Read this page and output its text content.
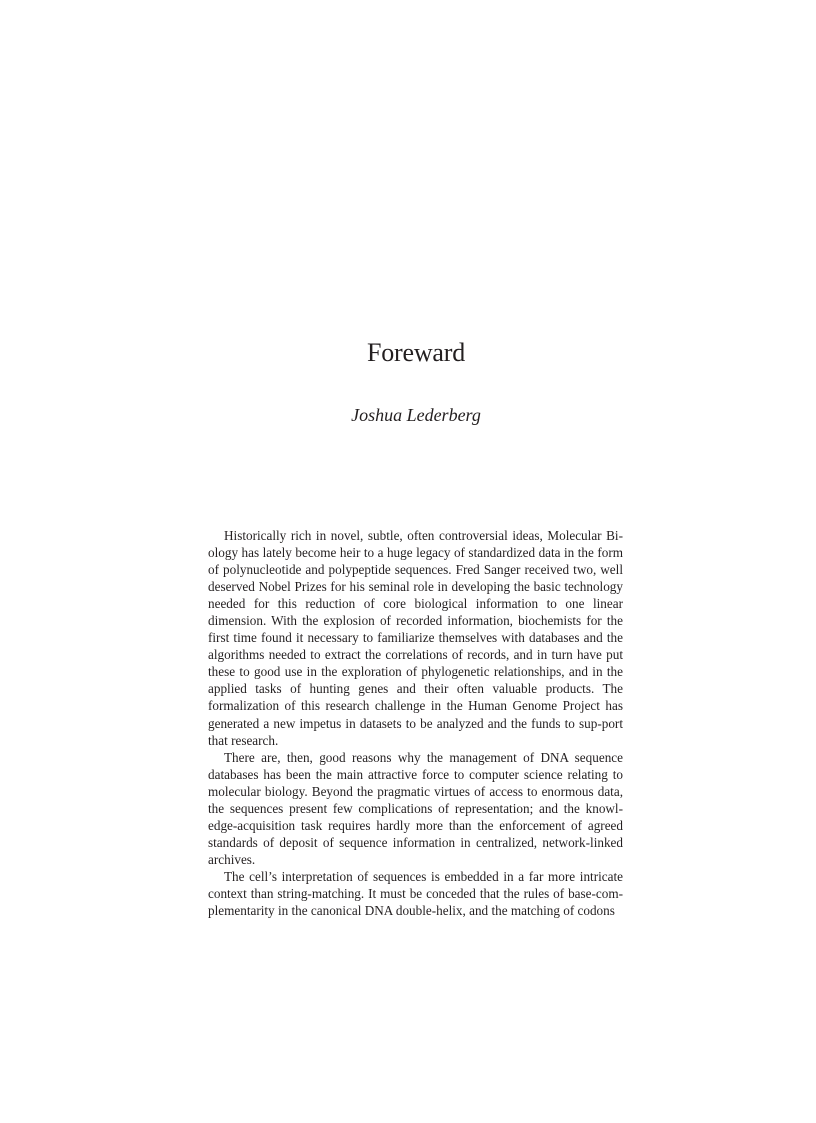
Foreward

Joshua Lederberg

Historically rich in novel, subtle, often controversial ideas, Molecular Bi-ology has lately become heir to a huge legacy of standardized data in the form of polynucleotide and polypeptide sequences. Fred Sanger received two, well deserved Nobel Prizes for his seminal role in developing the basic technology needed for this reduction of core biological information to one linear dimension. With the explosion of recorded information, biochemists for the first time found it necessary to familiarize themselves with databases and the algorithms needed to extract the correlations of records, and in turn have put these to good use in the exploration of phylogenetic relationships, and in the applied tasks of hunting genes and their often valuable products. The formalization of this research challenge in the Human Genome Project has generated a new impetus in datasets to be analyzed and the funds to sup-port that research.

There are, then, good reasons why the management of DNA sequence databases has been the main attractive force to computer science relating to molecular biology. Beyond the pragmatic virtues of access to enormous data, the sequences present few complications of representation; and the knowl-edge-acquisition task requires hardly more than the enforcement of agreed standards of deposit of sequence information in centralized, network-linked archives.

The cell’s interpretation of sequences is embedded in a far more intricate context than string-matching. It must be conceded that the rules of base-com-plementarity in the canonical DNA double-helix, and the matching of codons
